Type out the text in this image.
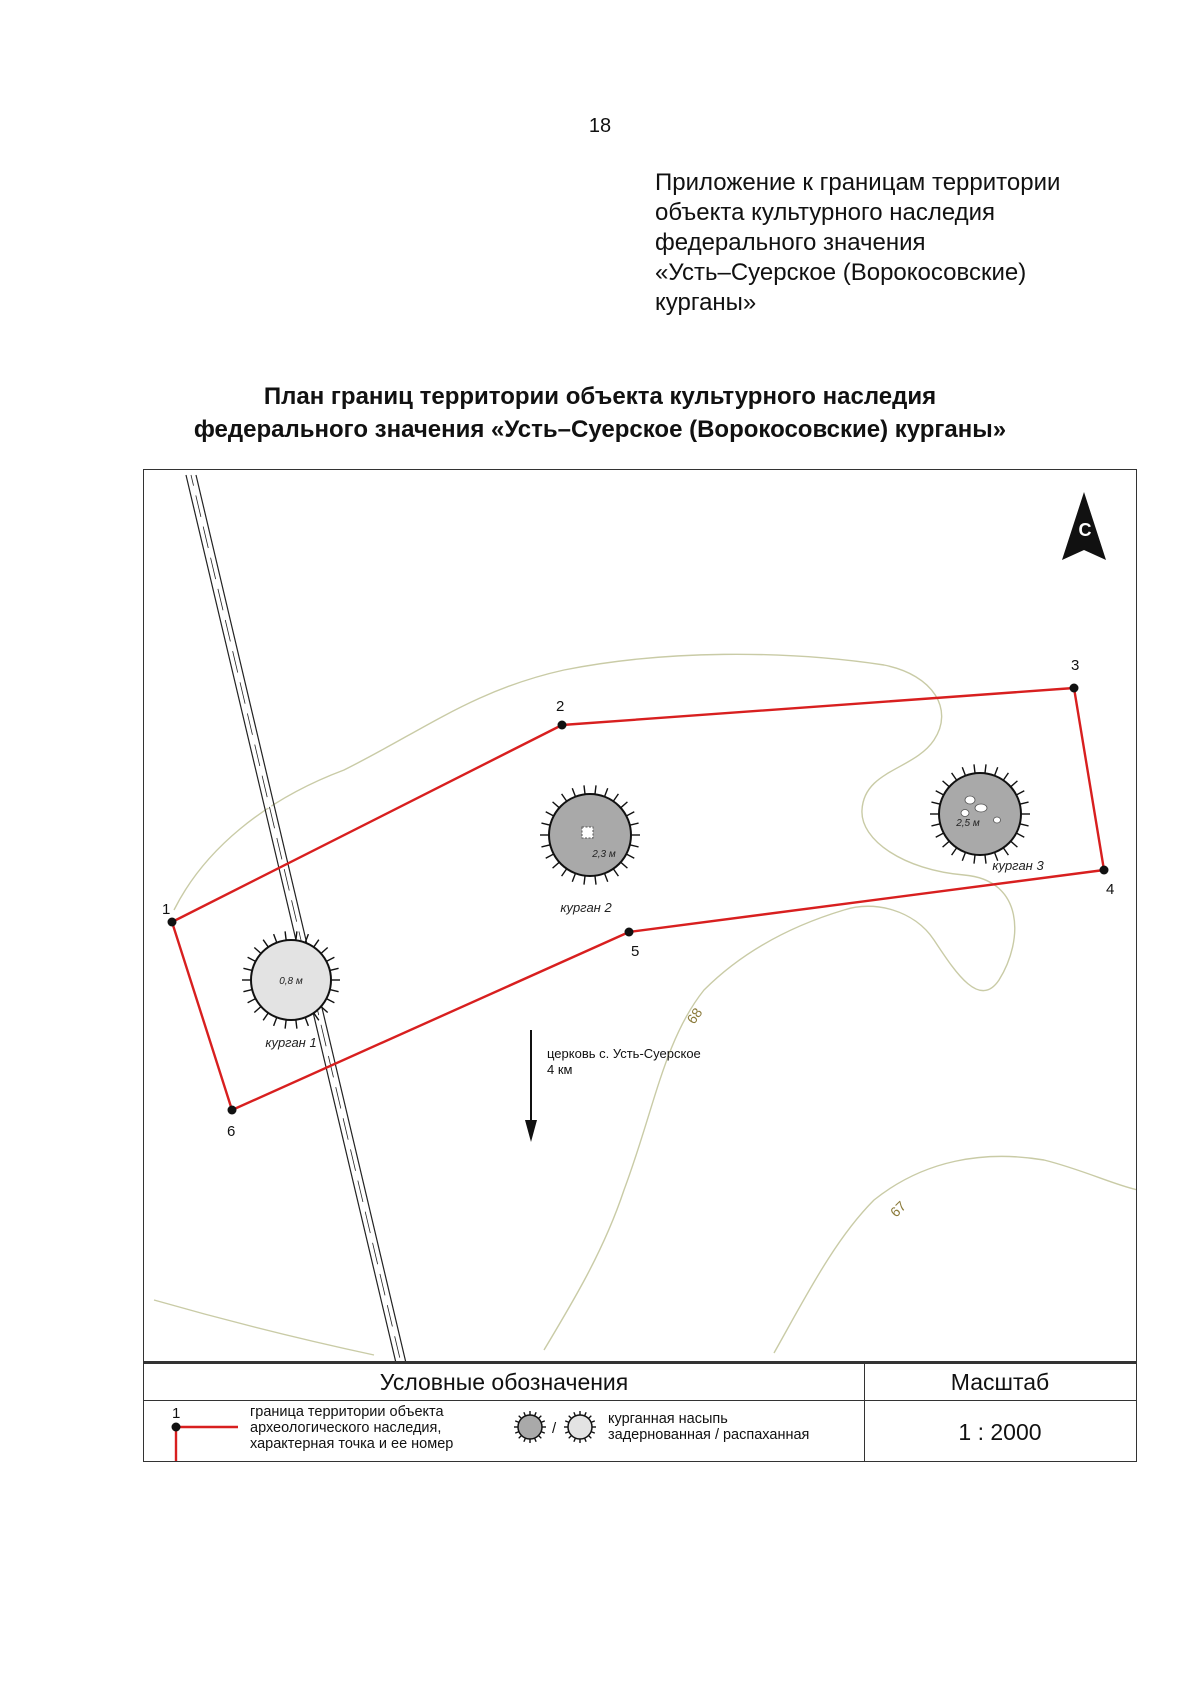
18
Приложение к границам территории
объекта культурного наследия
федерального значения
«Усть–Суерское (Ворокосовские)
курганы»
План границ территории объекта культурного наследия
федерального значения «Усть–Суерское (Ворокосовские) курганы»
68
67
1
2
3
4
5
6
0,8 м
курган 1
2,3 м
курган 2
2,5 м
курган 3
церковь с. Усть-Суерское
4 км
С
Условные обозначения	Масштаб
1
/
граница территории объекта
археологического наследия,
характерная точка и ее номер
курганная насыпь
задернованная / распаханная	1 : 2000
